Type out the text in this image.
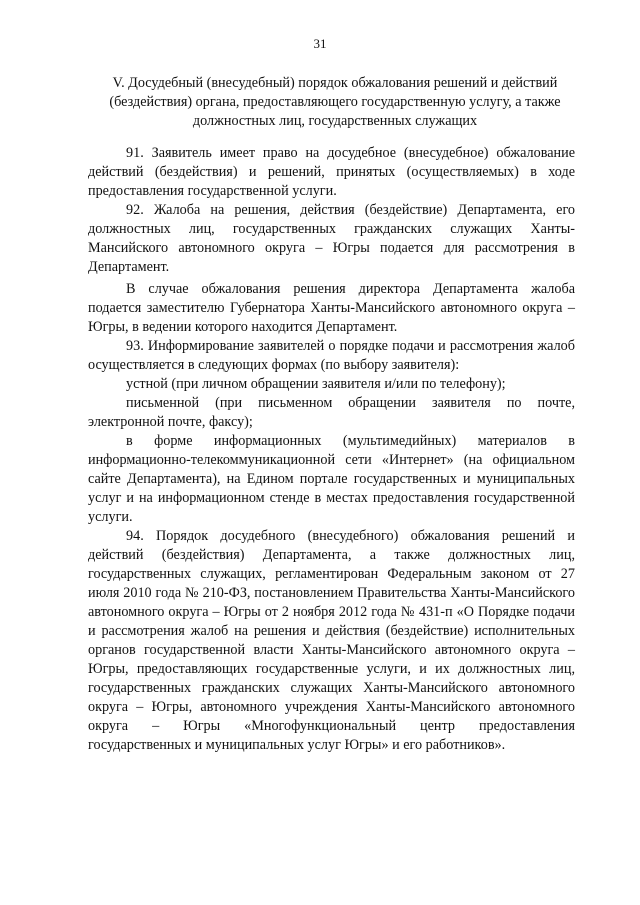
31
V. Досудебный (внесудебный) порядок обжалования решений и действий (бездействия) органа, предоставляющего государственную услугу, а также должностных лиц, государственных служащих

91. Заявитель имеет право на досудебное (внесудебное) обжалование действий (бездействия) и решений, принятых (осуществляемых) в ходе предоставления государственной услуги.

92. Жалоба на решения, действия (бездействие) Департамента, его должностных лиц, государственных гражданских служащих Ханты-Мансийского автономного округа – Югры подается для рассмотрения в Департамент.

В случае обжалования решения директора Департамента жалоба подается заместителю Губернатора Ханты-Мансийского автономного округа – Югры, в ведении которого находится Департамент.

93. Информирование заявителей о порядке подачи и рассмотрения жалоб осуществляется в следующих формах (по выбору заявителя):

устной (при личном обращении заявителя и/или по телефону);

письменной (при письменном обращении заявителя по почте, электронной почте, факсу);

в форме информационных (мультимедийных) материалов в информационно-телекоммуникационной сети «Интернет» (на официальном сайте Департамента), на Едином портале государственных и муниципальных услуг и на информационном стенде в местах предоставления государственной услуги.

94. Порядок досудебного (внесудебного) обжалования решений и действий (бездействия) Департамента, а также должностных лиц, государственных служащих, регламентирован Федеральным законом от 27 июля 2010 года № 210-ФЗ, постановлением Правительства Ханты-Мансийского автономного округа – Югры от 2 ноября 2012 года № 431-п «О Порядке подачи и рассмотрения жалоб на решения и действия (бездействие) исполнительных органов государственной власти Ханты-Мансийского автономного округа – Югры, предоставляющих государственные услуги, и их должностных лиц, государственных гражданских служащих Ханты-Мансийского автономного округа – Югры, автономного учреждения Ханты-Мансийского автономного округа – Югры «Многофункциональный центр предоставления государственных и муниципальных услуг Югры» и его работников».
